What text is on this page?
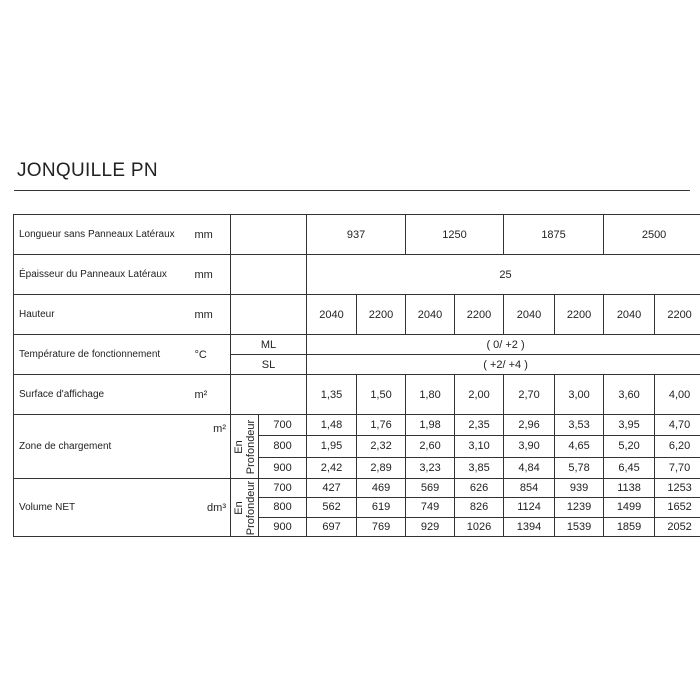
JONQUILLE PN
Longueur sans Panneaux Latéraux	mm			937		1250		1875		2500	
Épaisseur du Panneaux Latéraux	mm			25							
Hauteur	mm			2040	2200	2040	2200	2040	2200	2040	2200
Température de fonctionnement	°C	ML		( 0/ +2 )							
		SL		( +2/ +4 )							
Surface d'affichage	m²			1,35	1,50	1,80	2,00	2,70	3,00	3,60	4,00
Zone de chargement	m²	En Profondeur	700	1,48	1,76	1,98	2,35	2,96	3,53	3,95	4,70
			800	1,95	2,32	2,60	3,10	3,90	4,65	5,20	6,20
			900	2,42	2,89	3,23	3,85	4,84	5,78	6,45	7,70
Volume NET	dm³	En Profondeur	700	427	469	569	626	854	939	1138	1253
			800	562	619	749	826	1124	1239	1499	1652
			900	697	769	929	1026	1394	1539	1859	2052
